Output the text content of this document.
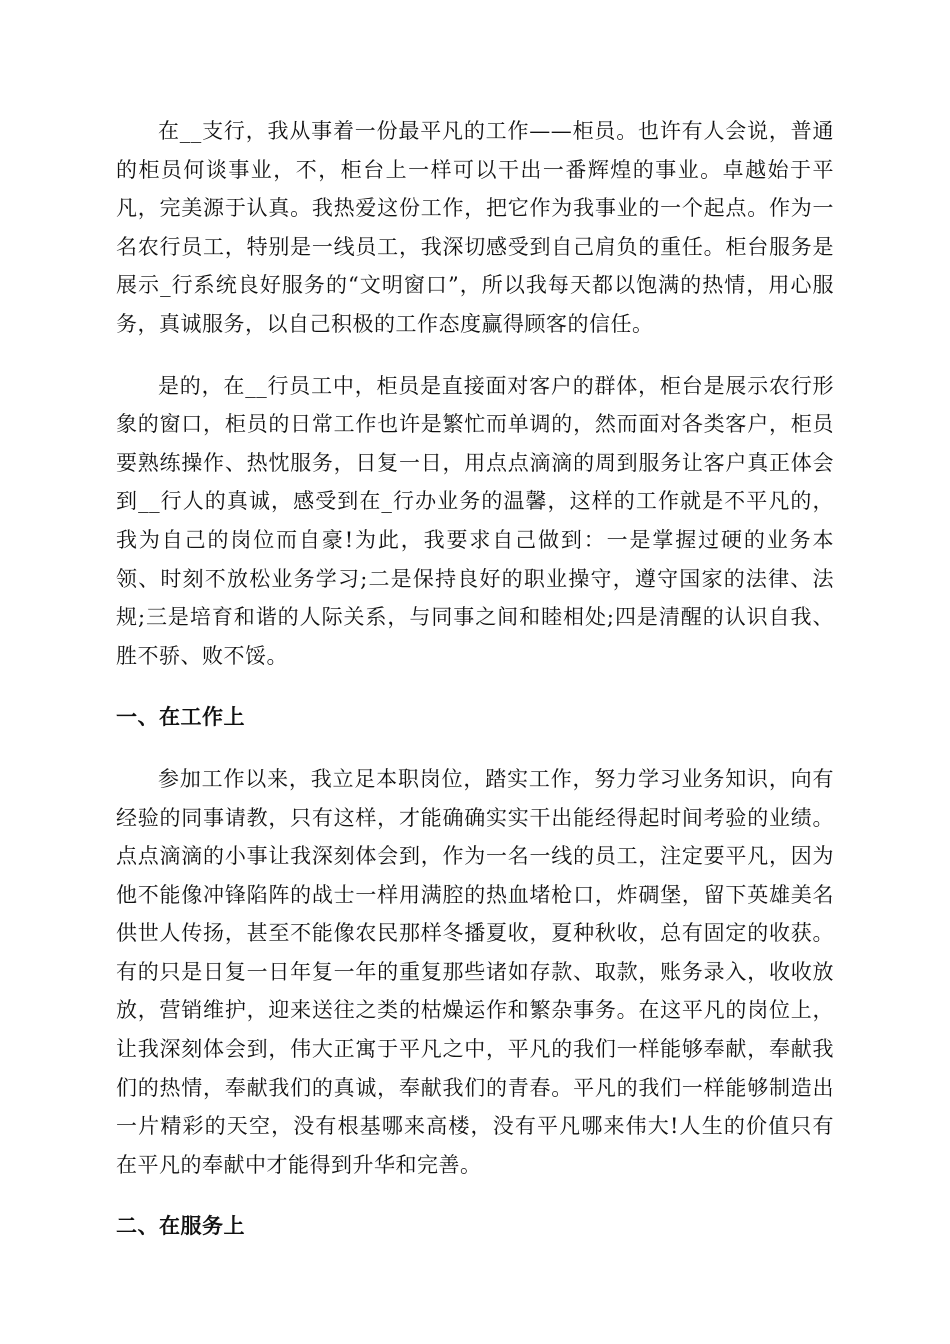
在__支行，我从事着一份最平凡的工作——柜员。也许有人会说，普通的柜员何谈事业，不，柜台上一样可以干出一番辉煌的事业。卓越始于平凡，完美源于认真。我热爱这份工作，把它作为我事业的一个起点。作为一名农行员工，特别是一线员工，我深切感受到自己肩负的重任。柜台服务是展示_行系统良好服务的“文明窗口”，所以我每天都以饱满的热情，用心服务，真诚服务，以自己积极的工作态度赢得顾客的信任。

是的，在__行员工中，柜员是直接面对客户的群体，柜台是展示农行形象的窗口，柜员的日常工作也许是繁忙而单调的，然而面对各类客户，柜员要熟练操作、热忱服务，日复一日，用点点滴滴的周到服务让客户真正体会到__行人的真诚，感受到在_行办业务的温馨，这样的工作就是不平凡的，我为自己的岗位而自豪!为此，我要求自己做到：一是掌握过硬的业务本领、时刻不放松业务学习;二是保持良好的职业操守，遵守国家的法律、法规;三是培育和谐的人际关系，与同事之间和睦相处;四是清醒的认识自我、胜不骄、败不馁。

一、在工作上

参加工作以来，我立足本职岗位，踏实工作，努力学习业务知识，向有经验的同事请教，只有这样，才能确确实实干出能经得起时间考验的业绩。点点滴滴的小事让我深刻体会到，作为一名一线的员工，注定要平凡，因为他不能像冲锋陷阵的战士一样用满腔的热血堵枪口，炸碉堡，留下英雄美名供世人传扬，甚至不能像农民那样冬播夏收，夏种秋收，总有固定的收获。有的只是日复一日年复一年的重复那些诸如存款、取款，账务录入，收收放放，营销维护，迎来送往之类的枯燥运作和繁杂事务。在这平凡的岗位上，让我深刻体会到，伟大正寓于平凡之中，平凡的我们一样能够奉献，奉献我们的热情，奉献我们的真诚，奉献我们的青春。平凡的我们一样能够制造出一片精彩的天空，没有根基哪来高楼，没有平凡哪来伟大!人生的价值只有在平凡的奉献中才能得到升华和完善。

二、在服务上
